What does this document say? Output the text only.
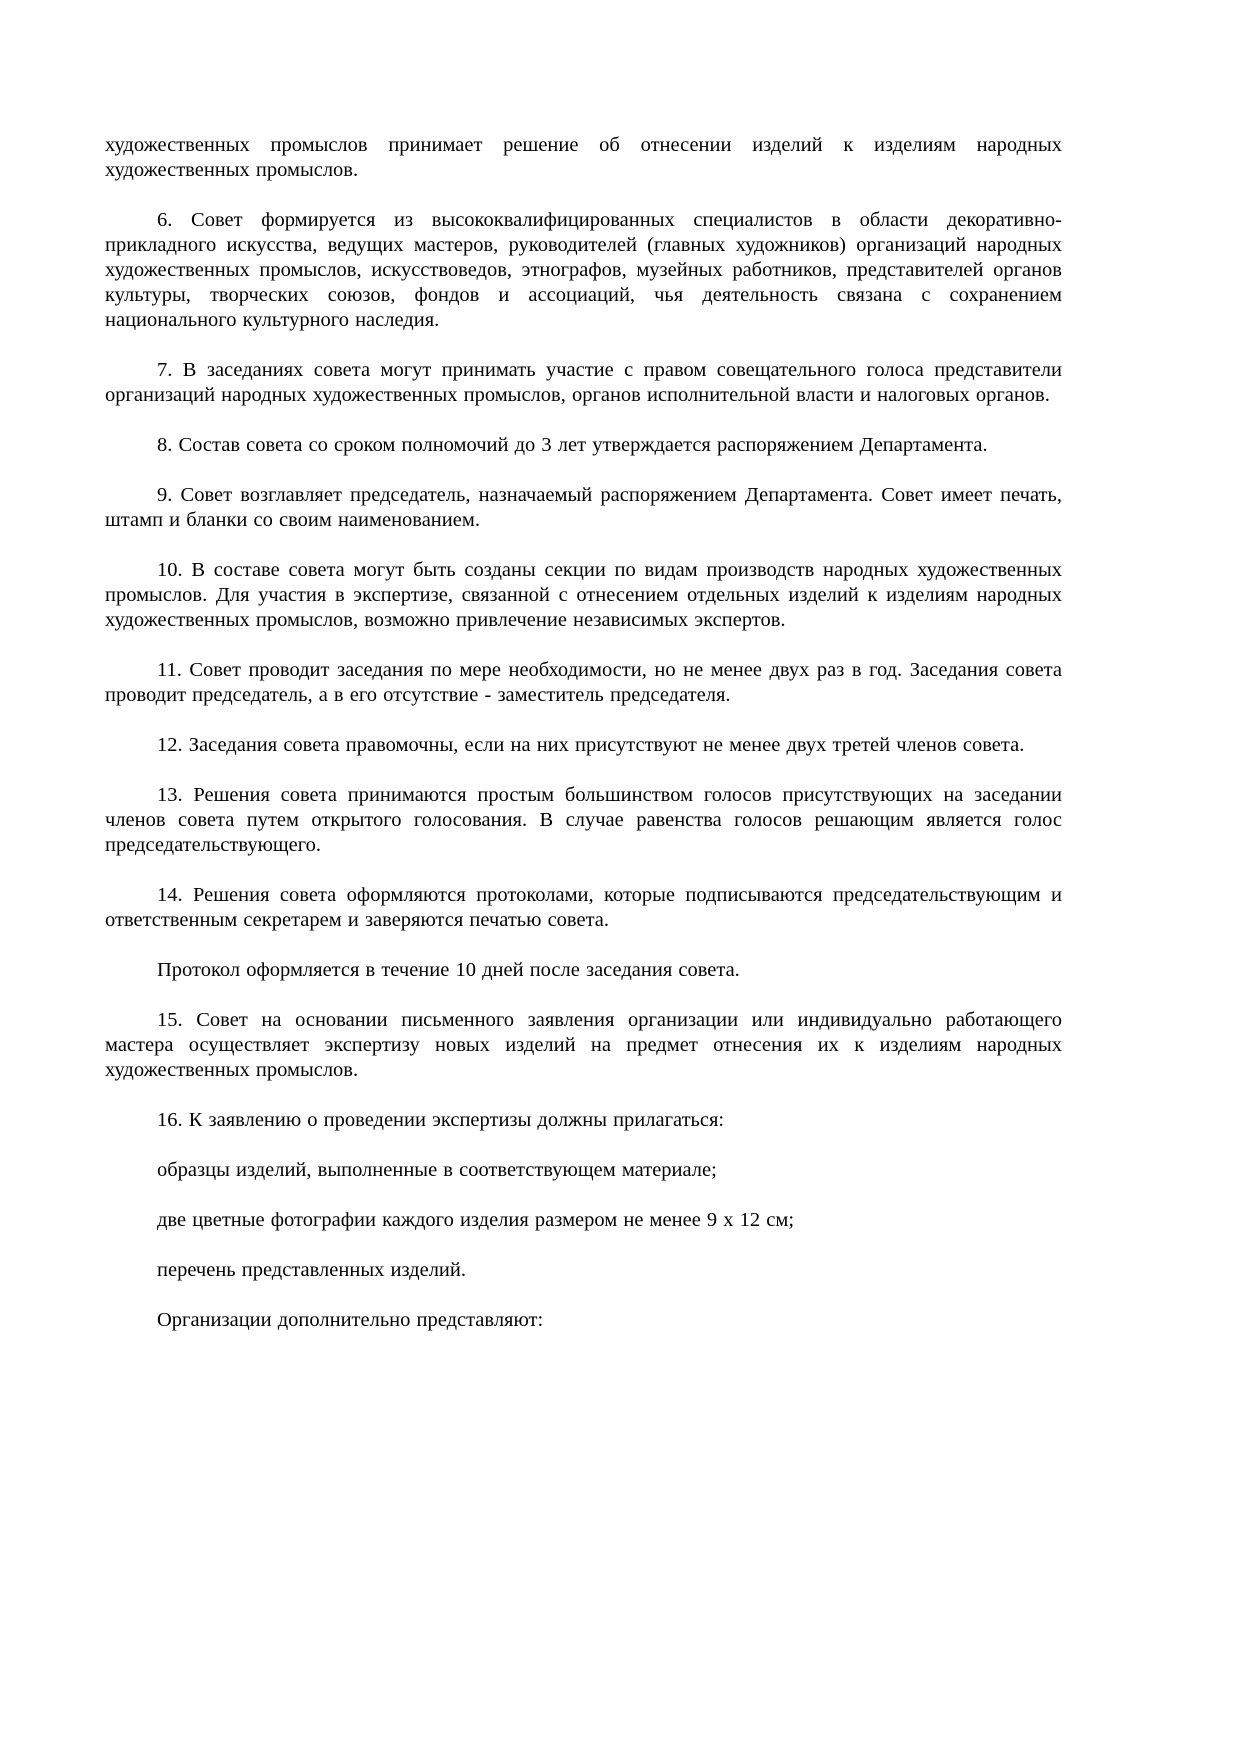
художественных промыслов принимает решение об отнесении изделий к изделиям народных художественных промыслов.

6. Совет формируется из высококвалифицированных специалистов в области декоративно-прикладного искусства, ведущих мастеров, руководителей (главных художников) организаций народных художественных промыслов, искусствоведов, этнографов, музейных работников, представителей органов культуры, творческих союзов, фондов и ассоциаций, чья деятельность связана с сохранением национального культурного наследия.

7. В заседаниях совета могут принимать участие с правом совещательного голоса представители организаций народных художественных промыслов, органов исполнительной власти и налоговых органов.

8. Состав совета со сроком полномочий до 3 лет утверждается распоряжением Департамента.

9. Совет возглавляет председатель, назначаемый распоряжением Департамента. Совет имеет печать, штамп и бланки со своим наименованием.

10. В составе совета могут быть созданы секции по видам производств народных художественных промыслов. Для участия в экспертизе, связанной с отнесением отдельных изделий к изделиям народных художественных промыслов, возможно привлечение независимых экспертов.

11. Совет проводит заседания по мере необходимости, но не менее двух раз в год. Заседания совета проводит председатель, а в его отсутствие - заместитель председателя.

12. Заседания совета правомочны, если на них присутствуют не менее двух третей членов совета.

13. Решения совета принимаются простым большинством голосов присутствующих на заседании членов совета путем открытого голосования. В случае равенства голосов решающим является голос председательствующего.

14. Решения совета оформляются протоколами, которые подписываются председательствующим и ответственным секретарем и заверяются печатью совета.

Протокол оформляется в течение 10 дней после заседания совета.

15. Совет на основании письменного заявления организации или индивидуально работающего мастера осуществляет экспертизу новых изделий на предмет отнесения их к изделиям народных художественных промыслов.

16. К заявлению о проведении экспертизы должны прилагаться:

образцы изделий, выполненные в соответствующем материале;

две цветные фотографии каждого изделия размером не менее 9 х 12 см;

перечень представленных изделий.

Организации дополнительно представляют:
